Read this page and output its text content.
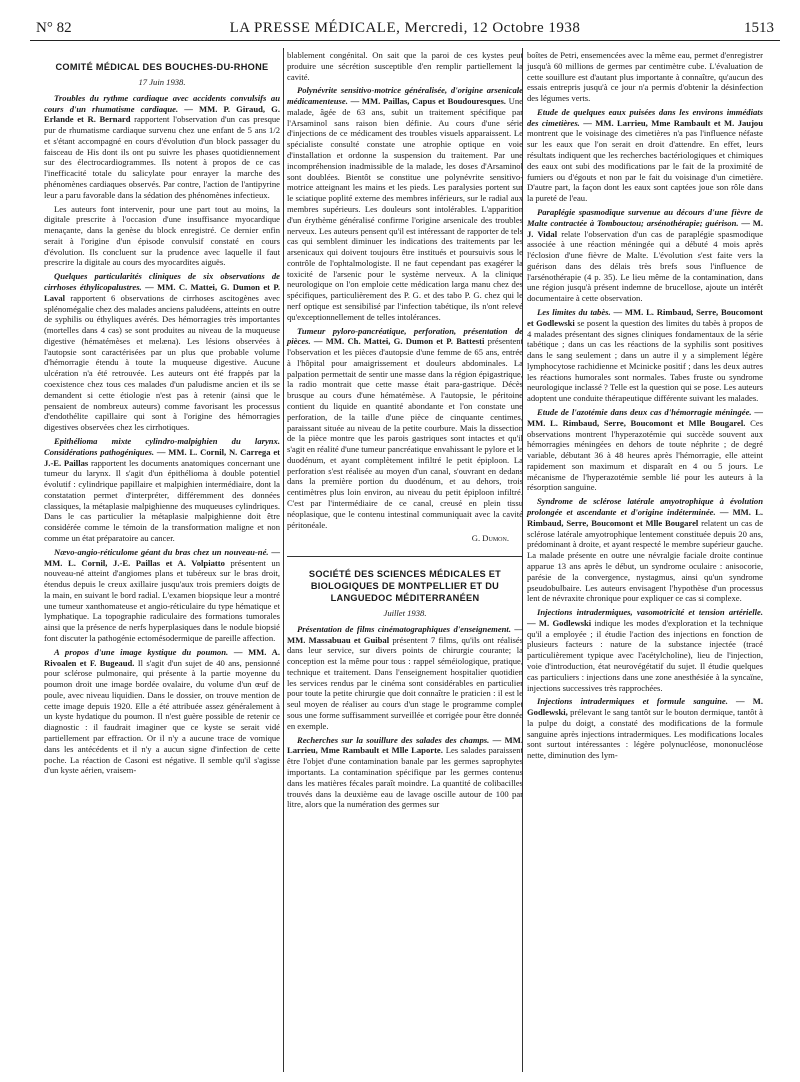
N° 82	LA PRESSE MÉDICALE, Mercredi, 12 Octobre 1938	1513
COMITÉ MÉDICAL DES BOUCHES-DU-RHONE
17 Juin 1938.

Troubles du rythme cardiaque avec accidents convulsifs au cours d'un rhumatisme cardiaque. — MM. P. Giraud, G. Erlande et R. Bernard rapportent l'observation d'un cas presque pur de rhumatisme cardiaque survenu chez une enfant de 5 ans 1/2 et s'étant accompagné en cours d'évolution d'un block passager du faisceau de His dont ils ont pu suivre les phases quotidiennement sur des électrocardiogrammes. Ils notent à propos de ce cas l'inefficacité totale du salicylate pour enrayer la marche des phénomènes cardiaques observés. Par contre, l'action de l'antipyrine leur a paru favorable dans la sédation des phénomènes infectieux.

Les auteurs font intervenir, pour une part tout au moins, la digitale prescrite à l'occasion d'une insuffisance myocardique menaçante, dans la genèse du block enregistré. Ce dernier enfin serait à l'origine d'un épisode convulsif constaté en cours d'évolution. Ils concluent sur la prudence avec laquelle il faut prescrire la digitale au cours des myocardites aiguës.

Quelques particularités cliniques de six observations de cirrhoses éthylicopalustres. — MM. C. Mattei, G. Dumon et P. Laval rapportent 6 observations de cirrhoses ascitogènes avec splénomégalie chez des malades anciens paludéens, atteints en outre de syphilis ou éthyliques avérés. Des hémorragies très importantes (mortelles dans 4 cas) se sont produites au niveau de la muqueuse digestive (hématémèses et melæna). Les lésions observées à l'autopsie sont caractérisées par un plus que probable volume d'hémorragie étendu à toute la muqueuse digestive. Aucune ulcération n'a été retrouvée. Les auteurs ont été frappés par la coexistence chez tous ces malades d'un paludisme ancien et ils se demandent si cette étiologie n'est pas à retenir (ainsi que le pensaient de nombreux auteurs) comme favorisant les processus d'endothélite capillaire qui sont à l'origine des hémorragies digestives observées chez les cirrhotiques.

Epithélioma mixte cylindro-malpighien du larynx. Considérations pathogéniques. — MM. L. Cornil, N. Carrega et J.-E. Paillas rapportent les documents anatomiques concernant une tumeur du larynx. Il s'agit d'un épithélioma à double potentiel évolutif : cylindrique papillaire et malpighien intermédiaire, dont la constatation permet d'interpréter, différemment des données classiques, la métaplasie malpighienne des muqueuses cylindriques. Dans le cas particulier la métaplasie malpighienne doit être considérée comme le témoin de la transformation maligne et non comme un état préparatoire au cancer.

Nævo-angio-réticulome géant du bras chez un nouveau-né. — MM. L. Cornil, J.-E. Paillas et A. Volpiatto présentent un nouveau-né atteint d'angiomes plans et tubéreux sur le bras droit, étendus depuis le creux axillaire jusqu'aux trois premiers doigts de la main, en suivant le bord radial. L'examen biopsique leur a montré une tumeur xanthomateuse et angio-réticulaire du type hématique et lymphatique. La topographie radiculaire des formations tumorales ainsi que la présence de nerfs hyperplasiques dans le nodule biopsié font discuter la pathogénie ectomésodermique de pareille affection.

A propos d'une image kystique du poumon. — MM. A. Rivoalen et F. Bugeaud. Il s'agit d'un sujet de 40 ans, pensionné pour sclérose pulmonaire, qui présente à la partie moyenne du poumon droit une image bordée ovalaire, du volume d'un œuf de poule, avec niveau liquidien. Dans le dossier, on trouve mention de cette image depuis 1920. Elle a été attribuée assez généralement à un kyste hydatique du poumon. Il n'est guère possible de retenir ce diagnostic : il faudrait imaginer que ce kyste se serait vidé partiellement par effraction. Or il n'y a aucune trace de vomique dans les antécédents et il n'y a aucun signe d'infection de cette poche. La réaction de Casoni est négative. Il semble qu'il s'agisse d'un kyste aérien, vraisem-

blablement congénital. On sait que la paroi de ces kystes peut produire une sécrétion susceptible d'en remplir partiellement la cavité.

Polynévrite sensitivo-motrice généralisée, d'origine arsenicale médicamenteuse. — MM. Paillas, Capus et Boudouresques. Une malade, âgée de 63 ans, subit un traitement spécifique par l'Arsaminol sans raison bien définie. Au cours d'une série d'injections de ce médicament des troubles visuels apparaissent. Le spécialiste consulté constate une atrophie optique en voie d'installation et ordonne la suspension du traitement. Par une incompréhension inadmissible de la malade, les doses d'Arsaminol sont doublées. Bientôt se constitue une polynévrite sensitivo-motrice atteignant les mains et les pieds. Les paralysies portent sur le sciatique poplité externe des membres inférieurs, sur le radial aux membres supérieurs. Les douleurs sont intolérables. L'apparition d'un érythème généralisé confirme l'origine arsenicale des troubles nerveux. Les auteurs pensent qu'il est intéressant de rapporter de tels cas qui semblent diminuer les indications des traitements par les arsenicaux qui doivent toujours être institués et poursuivis sous le contrôle de l'ophtalmologiste. Il ne faut cependant pas exagérer la toxicité de l'arsenic pour le système nerveux. A la clinique neurologique on l'on emploie cette médication larga manu chez des spécifiques, particulièrement des P. G. et des tabo P. G. chez qui le nerf optique est sensibilisé par l'infection tabétique, ils n'ont relevé qu'exceptionnellement de telles intolérances.

Tumeur pyloro-pancréatique, perforation, présentation de pièces. — MM. Ch. Mattei, G. Dumon et P. Battesti présentent l'observation et les pièces d'autopsie d'une femme de 65 ans, entrée à l'hôpital pour amaigrissement et douleurs abdominales. La palpation permettait de sentir une masse dans la région épigastrique, la radio montrait que cette masse était para-gastrique. Décès brusque au cours d'une hématémèse. A l'autopsie, le péritoine contient du liquide en quantité abondante et l'on constate une perforation, de la taille d'une pièce de cinquante centimes, paraissant située au niveau de la petite courbure. Mais la dissection de la pièce montre que les parois gastriques sont intactes et qu'il s'agit en réalité d'une tumeur pancréatique envahissant le pylore et le duodénum, et ayant complètement infiltré le petit épiploon. La perforation s'est réalisée au moyen d'un canal, s'ouvrant en dedans dans la première portion du duodénum, et au dehors, trois centimètres plus loin environ, au niveau du petit épiploon infiltré. C'est par l'intermédiaire de ce canal, creusé en plein tissu néoplasique, que le contenu intestinal communiquait avec la cavité péritonéale.

G. Dumon.
SOCIÉTÉ DES SCIENCES MÉDICALES ET BIOLOGIQUES DE MONTPELLIER ET DU LANGUEDOC MÉDITERRANÉEN
Juillet 1938.

Présentation de films cinématographiques d'enseignement. — MM. Massabuau et Guibal présentent 7 films, qu'ils ont réalisés dans leur service, sur divers points de chirurgie courante; la conception est la même pour tous : rappel séméiologique, pratique, technique et traitement. Dans l'enseignement hospitalier quotidien les services rendus par le cinéma sont considérables en particulier pour toute la petite chirurgie que doit connaître le praticien : il est le seul moyen de réaliser au cours d'un stage le programme complet sous une forme suffisamment surveillée et corrigée pour être donnée en exemple.

Recherches sur la souillure des salades des champs. — MM. Larrieu, Mme Rambault et Mlle Laporte. Les salades paraissent être l'objet d'une contamination banale par les germes saprophytes importants. La contamination spécifique par les germes contenus dans les matières fécales paraît moindre. La quantité de colibacilles trouvés dans la deuxième eau de lavage oscille autour de 100 par litre, alors que la numération des germes sur

boîtes de Petri, ensemencées avec la même eau, permet d'enregistrer jusqu'à 60 millions de germes par centimètre cube. L'évaluation de cette souillure est d'autant plus importante à connaître, qu'aucun des essais entrepris jusqu'à ce jour n'a permis d'obtenir la désinfection des légumes verts.

Etude de quelques eaux puisées dans les environs immédiats des cimetières. — MM. Larrieu, Mme Rambault et M. Jaujou montrent que le voisinage des cimetières n'a pas l'influence néfaste sur les eaux que l'on serait en droit d'attendre. En effet, leurs résultats indiquent que les recherches bactériologiques et chimiques des eaux ont subi des modifications par le fait de la proximité de fumiers ou d'égouts et non par le fait du voisinage d'un cimetière. D'autre part, la façon dont les eaux sont captées joue son rôle dans la pureté de l'eau.

Paraplégie spasmodique survenue au décours d'une fièvre de Malte contractée à Tombouctou; arsénothérapie; guérison. — M. J. Vidal relate l'observation d'un cas de paraplégie spasmodique associée à une réaction méningée qui a débuté 4 mois après l'éclosion d'une fièvre de Malte. L'évolution s'est faite vers la guérison dans des délais très brefs sous l'influence de l'arsénothérapie (4 p. 35). Le lieu même de la contamination, dans une région jusqu'à présent indemne de brucellose, ajoute un intérêt documentaire à cette observation.

Les limites du tabès. — MM. L. Rimbaud, Serre, Boucomont et Godlewski se posent la question des limites du tabès à propos de 4 malades présentant des signes cliniques fondamentaux de la série tabétique ; dans un cas les réactions de la syphilis sont positives dans le sang seulement ; dans un autre il y a simplement légère lymphocytose rachidienne et Mcinicke positif ; dans les deux autres les réactions humorales sont normales. Tabes fruste ou syndrome neurologique inclassé ? Telle est la question qui se pose. Les auteurs adoptent une conduite thérapeutique différente suivant les malades.

Etude de l'azotémie dans deux cas d'hémorragie méningée. — MM. L. Rimbaud, Serre, Boucomont et Mlle Bougarel. Ces observations montrent l'hyperazotémie qui succède souvent aux hémorragies méningées en dehors de toute néphrite ; de degré variable, débutant 36 à 48 heures après l'hémorragie, elle atteint rapidement son maximum et disparaît en 4 ou 5 jours. Le mécanisme de l'hyperazotémie semble lié pour les auteurs à la résorption sanguine.

Syndrome de sclérose latérale amyotrophique à évolution prolongée et ascendante et d'origine indéterminée. — MM. L. Rimbaud, Serre, Boucomont et Mlle Bougarel relatent un cas de sclérose latérale amyotrophique lentement constituée depuis 20 ans, prédominant à droite, et ayant respecté le membre supérieur gauche. La malade présente en outre une névralgie faciale droite continue apparue 13 ans après le début, un syndrome oculaire : anisocorie, parésie de la convergence, nystagmus, ainsi qu'un syndrome pseudobulbaire. Les auteurs envisagent l'hypothèse d'un processus lent de névraxite chronique pour expliquer ce cas si complexe.

Injections intradermiques, vasomotricité et tension artérielle. — M. Godlewski indique les modes d'exploration et la technique qu'il a employée ; il étudie l'action des injections en fonction de plusieurs facteurs : nature de la substance injectée (tracé particulièrement typique avec l'acétylcholine), lieu de l'injection, voie d'introduction, état neurovégétatif du sujet. Il étudie quelques cas particuliers : injections dans une zone anesthésiée à la syncaïne, injections successives très rapprochées.

Injections intradermiques et formule sanguine. — M. Godlewski, prélevant le sang tantôt sur le bouton dermique, tantôt à la pulpe du doigt, a constaté des modifications de la formule sanguine après injections intradermiques. Les modifications locales sont surtout intéressantes : légère polynucléose, mononucléose nette, diminution des lym-
